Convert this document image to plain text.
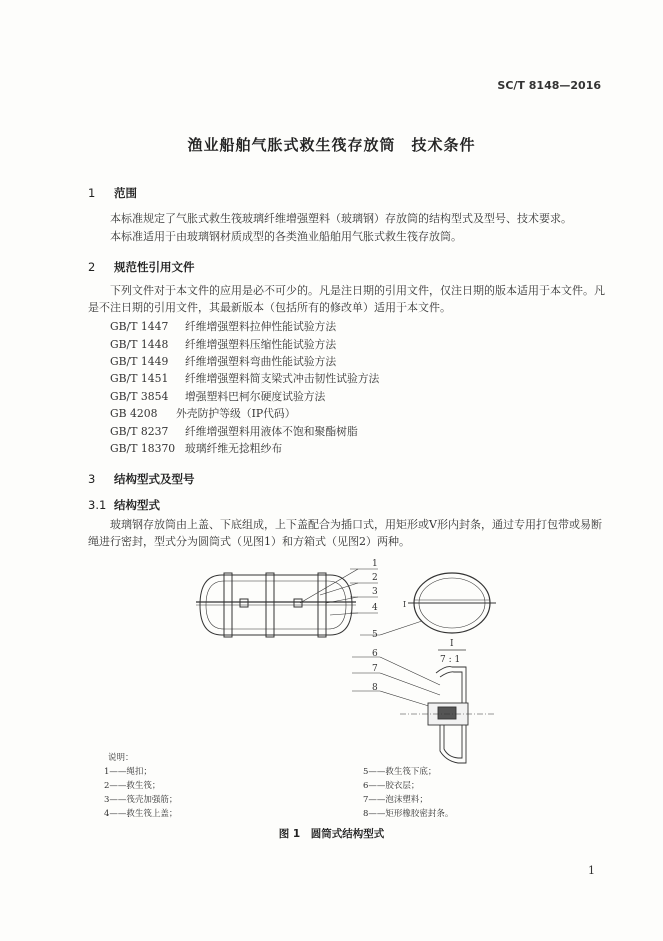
SC/T 8148—2016
渔业船舶气胀式救生筏存放筒　技术条件
1 范围
本标准规定了气胀式救生筏玻璃纤维增强塑料（玻璃钢）存放筒的结构型式及型号、技术要求。
本标准适用于由玻璃钢材质成型的各类渔业船舶用气胀式救生筏存放筒。
2 规范性引用文件
下列文件对于本文件的应用是必不可少的。凡是注日期的引用文件，仅注日期的版本适用于本文件。凡是不注日期的引用文件，其最新版本（包括所有的修改单）适用于本文件。
GB/T 1447 纤维增强塑料拉伸性能试验方法
GB/T 1448 纤维增强塑料压缩性能试验方法
GB/T 1449 纤维增强塑料弯曲性能试验方法
GB/T 1451 纤维增强塑料简支梁式冲击韧性试验方法
GB/T 3854 增强塑料巴柯尔硬度试验方法
GB 4208 外壳防护等级（IP代码）
GB/T 8237 纤维增强塑料用液体不饱和聚酯树脂
GB/T 18370 玻璃纤维无捻粗纱布
3 结构型式及型号
3.1 结构型式
玻璃钢存放筒由上盖、下底组成，上下盖配合为插口式，用矩形或V形内封条，通过专用打包带或易断绳进行密封，型式分为圆筒式（见图1）和方箱式（见图2）两种。
1
2
3
4
5
6
7
8
I
I
7 : 1
说明：
1——绳扣；
2——救生筏；
3——筏壳加强筋；
4——救生筏上盖；
5——救生筏下底；
6——胶衣层；
7——泡沫塑料；
8——矩形橡胶密封条。
图 1　圆筒式结构型式
1
